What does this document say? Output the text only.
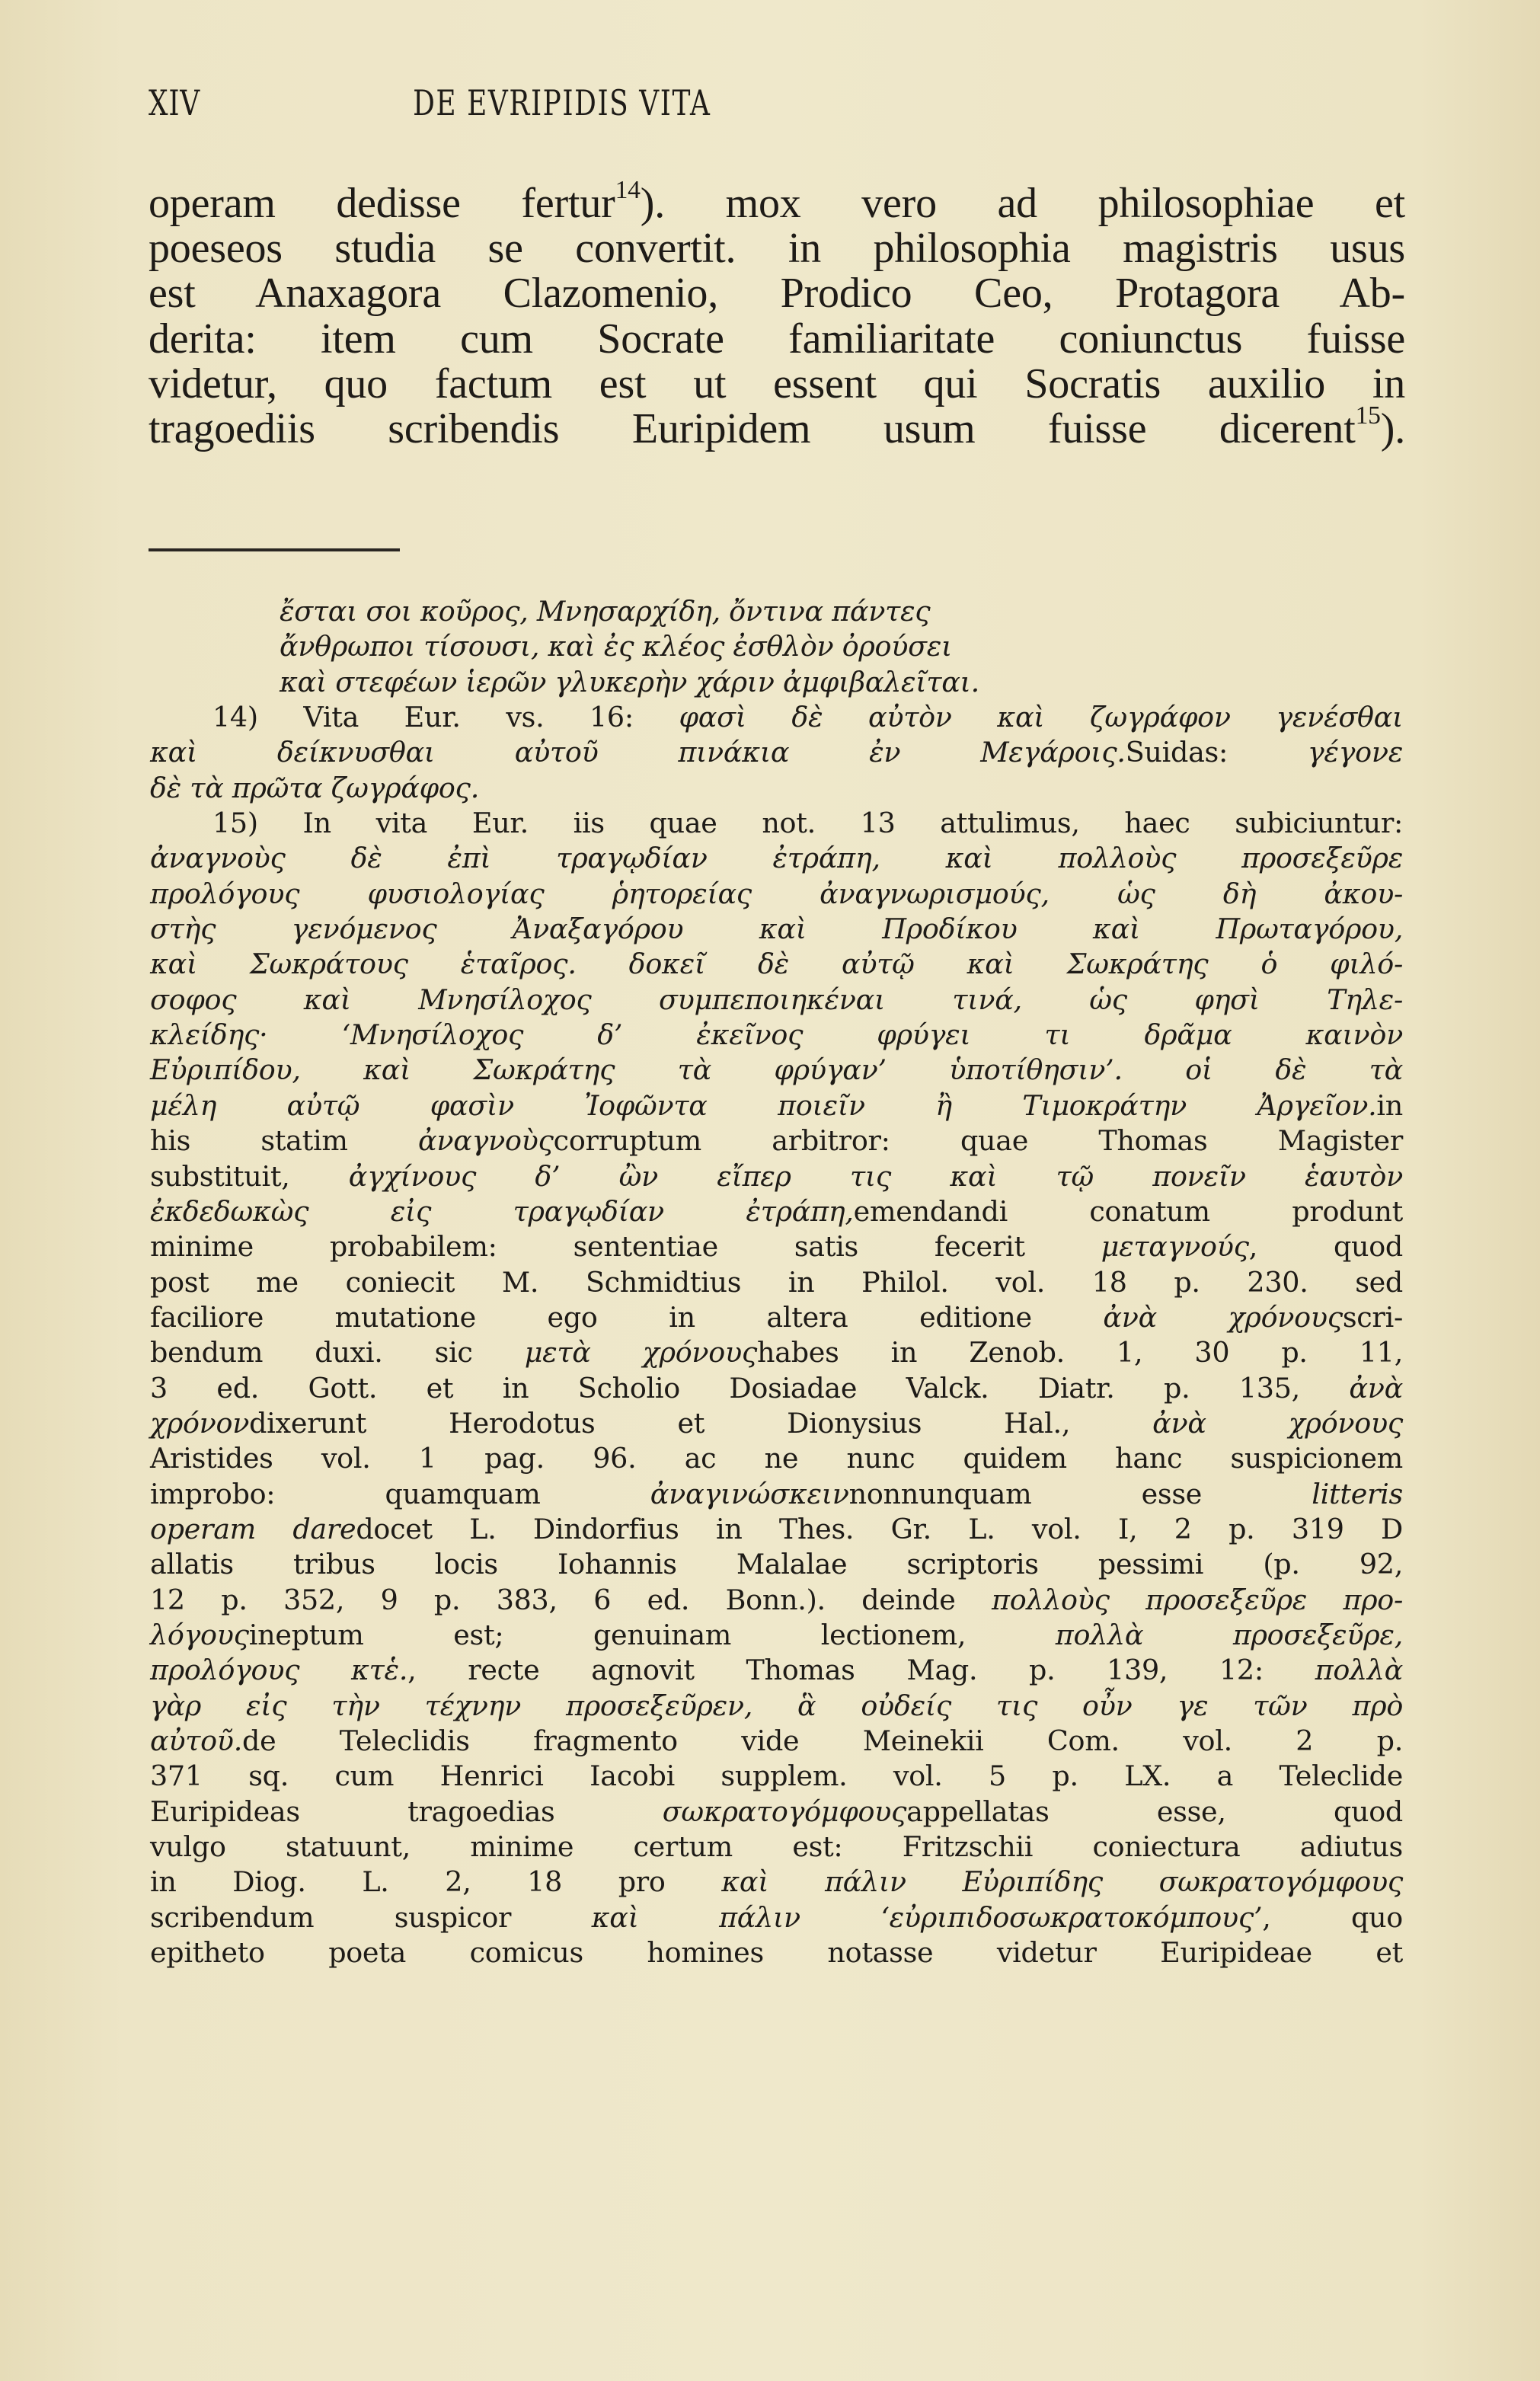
XIV	DE EVRIPIDIS VITA
operam dedisse fertur$^{14}$). mox vero ad philosophiae et
poeseos studia se convertit. in philosophia magistris usus
est Anaxagora Clazomenio, Prodico Ceo, Protagora Ab-
derita: item cum Socrate familiaritate coniunctus fuisse
videtur, quo factum est ut essent qui Socratis auxilio in
tragoediis scribendis Euripidem usum fuisse dicerent$^{15}$).
ἔσται σοι κοῦρος, Μνησαρχίδη, ὄντινα πάντες
ἄνθρωποι τίσουσι, καὶ ἐς κλέος ἐσθλὸν ὀρούσει
καὶ στεφέων ἱερῶν γλυκερὴν χάριν ἀμφιβαλεῖται.
14) Vita Eur. vs. 16: φασὶ δὲ αὐτὸν καὶ ζωγράφον γενέσθαι
καὶ δείκνυσθαι αὐτοῦ πινάκια ἐν Μεγάροις.Suidas: γέγονε
δὲ τὰ πρῶτα ζωγράφος.
15) In vita Eur. iis quae not. 13 attulimus, haec subiciuntur:
ἀναγνοὺς δὲ ἐπὶ τραγῳδίαν ἐτράπη, καὶ πολλοὺς προσεξεῦρε
προλόγους φυσιολογίας ῥητορείας ἀναγνωρισμούς, ὡς δὴ ἀκου-
στὴς γενόμενος Ἀναξαγόρου καὶ Προδίκου καὶ Πρωταγόρου,
καὶ Σωκράτους ἑταῖρος. δοκεῖ δὲ αὐτῷ καὶ Σωκράτης ὁ φιλό-
σοφος καὶ Μνησίλοχος συμπεποιηκέναι τινά, ὡς φησὶ Τηλε-
κλείδης· ‘Μνησίλοχος δ’ ἐκεῖνος φρύγει τι δρᾶμα καινὸν
Εὐριπίδου, καὶ Σωκράτης τὰ φρύγαν’ ὑποτίθησιν’. οἱ δὲ τὰ
μέλη αὐτῷ φασὶν Ἰοφῶντα ποιεῖν ἢ Τιμοκράτην Ἀργεῖον.in
his statim ἀναγνοὺςcorruptum arbitror: quae Thomas Magister
substituit, ἀγχίνους δ’ ὢν εἴπερ τις καὶ τῷ πονεῖν ἑαυτὸν
ἐκδεδωκὼς εἰς τραγῳδίαν ἐτράπη,emendandi conatum produnt
minime probabilem: sententiae satis fecerit μεταγνούς, quod
post me coniecit M. Schmidtius in Philol. vol. 18 p. 230. sed
faciliore mutatione ego in altera editione ἀνὰ χρόνουςscri-
bendum duxi. sic μετὰ χρόνουςhabes in Zenob. 1, 30 p. 11,
3 ed. Gott. et in Scholio Dosiadae Valck. Diatr. p. 135, ἀνὰ
χρόνονdixerunt Herodotus et Dionysius Hal., ἀνὰ χρόνους
Aristides vol. 1 pag. 96. ac ne nunc quidem hanc suspicionem
improbo: quamquam ἀναγινώσκεινnonnunquam esse litteris
operam daredocet L. Dindorfius in Thes. Gr. L. vol. I, 2 p. 319 D
allatis tribus locis Iohannis Malalae scriptoris pessimi (p. 92,
12 p. 352, 9 p. 383, 6 ed. Bonn.). deinde πολλοὺς προσεξεῦρε προ-
λόγουςineptum est; genuinam lectionem, πολλὰ προσεξεῦρε,
προλόγους κτἑ., recte agnovit Thomas Mag. p. 139, 12: πολλὰ
γὰρ εἰς τὴν τέχνην προσεξεῦρεν, ἃ οὐδείς τις οὖν γε τῶν πρὸ
αὐτοῦ.de Teleclidis fragmento vide Meinekii Com. vol. 2 p.
371 sq. cum Henrici Iacobi supplem. vol. 5 p. LX. a Teleclide
Euripideas tragoedias σωκρατογόμφουςappellatas esse, quod
vulgo statuunt, minime certum est: Fritzschii coniectura adiutus
in Diog. L. 2, 18 pro καὶ πάλιν Εὐριπίδης σωκρατογόμφους
scribendum suspicor καὶ πάλιν ‘εὐριπιδοσωκρατοκόμπους’, quo
epitheto poeta comicus homines notasse videtur Euripideae et
